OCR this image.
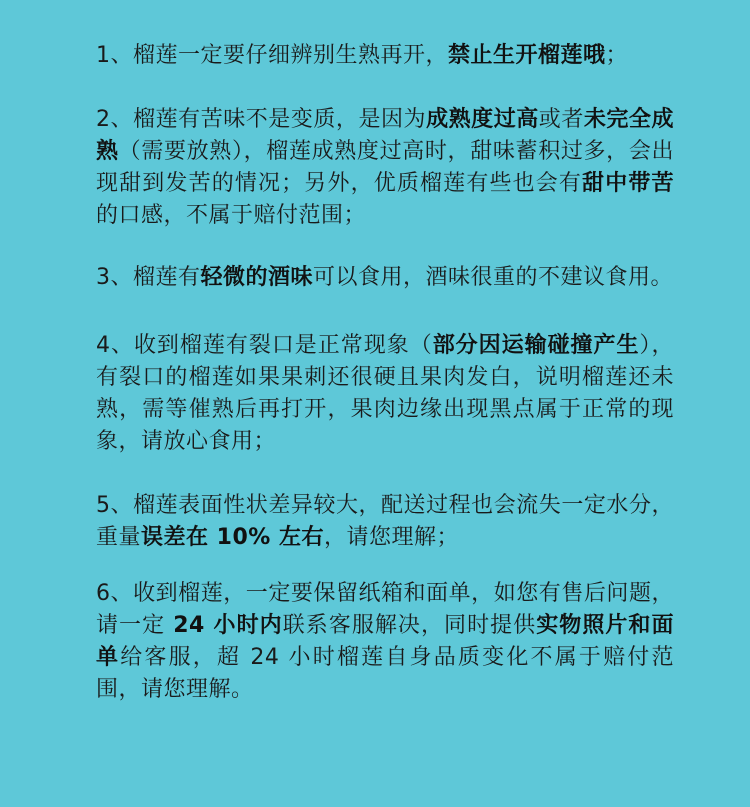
1、榴莲一定要仔细辨别生熟再开，禁止生开榴莲哦；

2、榴莲有苦味不是变质，是因为成熟度过高或者未完全成熟（需要放熟），榴莲成熟度过高时，甜味蓄积过多，会出现甜到发苦的情况；另外，优质榴莲有些也会有甜中带苦的口感，不属于赔付范围；

3、榴莲有轻微的酒味可以食用，酒味很重的不建议食用。

4、收到榴莲有裂口是正常现象（部分因运输碰撞产生），有裂口的榴莲如果果刺还很硬且果肉发白，说明榴莲还未熟，需等催熟后再打开，果肉边缘出现黑点属于正常的现象，请放心食用；

5、榴莲表面性状差异较大，配送过程也会流失一定水分，重量误差在 10% 左右，请您理解；

6、收到榴莲，一定要保留纸箱和面单，如您有售后问题，请一定 24 小时内联系客服解决，同时提供实物照片和面单给客服，超 24 小时榴莲自身品质变化不属于赔付范围，请您理解。
